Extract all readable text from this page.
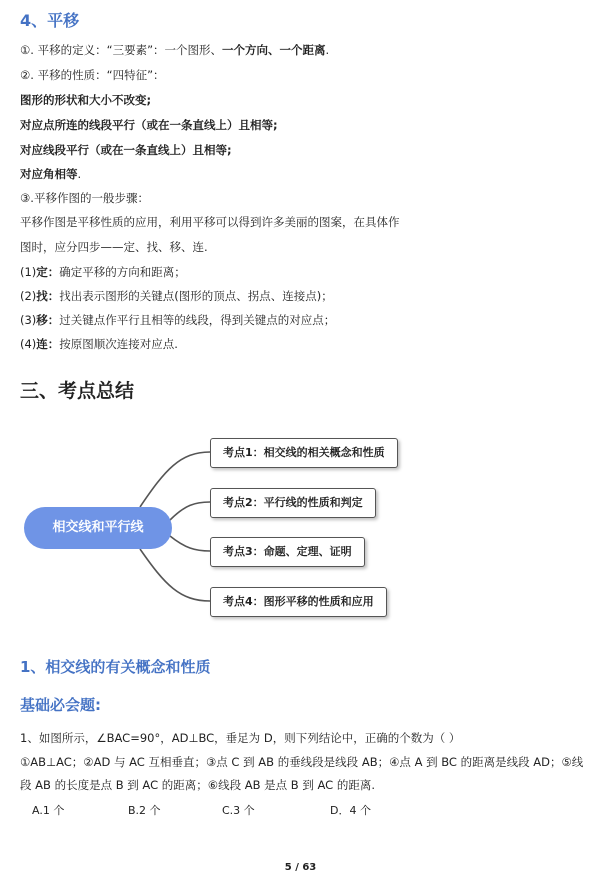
4、平移
①. 平移的定义：“三要素”：一个图形、一个方向、一个距离.
②. 平移的性质：“四特征”：
图形的形状和大小不改变;
对应点所连的线段平行（或在一条直线上）且相等;
对应线段平行（或在一条直线上）且相等;
对应角相等.
③.平移作图的一般步骤：
平移作图是平移性质的应用，利用平移可以得到许多美丽的图案，在具体作
图时，应分四步——定、找、移、连.
(1)定：确定平移的方向和距离；
(2)找：找出表示图形的关键点(图形的顶点、拐点、连接点)；
(3)移：过关键点作平行且相等的线段，得到关键点的对应点；
(4)连：按原图顺次连接对应点.
三、考点总结
相交线和平行线
考点1：相交线的相关概念和性质
考点2：平行线的性质和判定
考点3：命题、定理、证明
考点4：图形平移的性质和应用
1、相交线的有关概念和性质
基础必会题:
1、如图所示，∠BAC=90°，AD⊥BC，垂足为 D，则下列结论中，正确的个数为（ ）
①AB⊥AC；②AD 与 AC 互相垂直；③点 C 到 AB 的垂线段是线段 AB；④点 A 到 BC 的距离是线段 AD；⑤线
段 AB 的长度是点 B 到 AC 的距离；⑥线段 AB 是点 B 到 AC 的距离.
A.1 个	B.2 个	C.3 个	D．4 个
5 / 63
